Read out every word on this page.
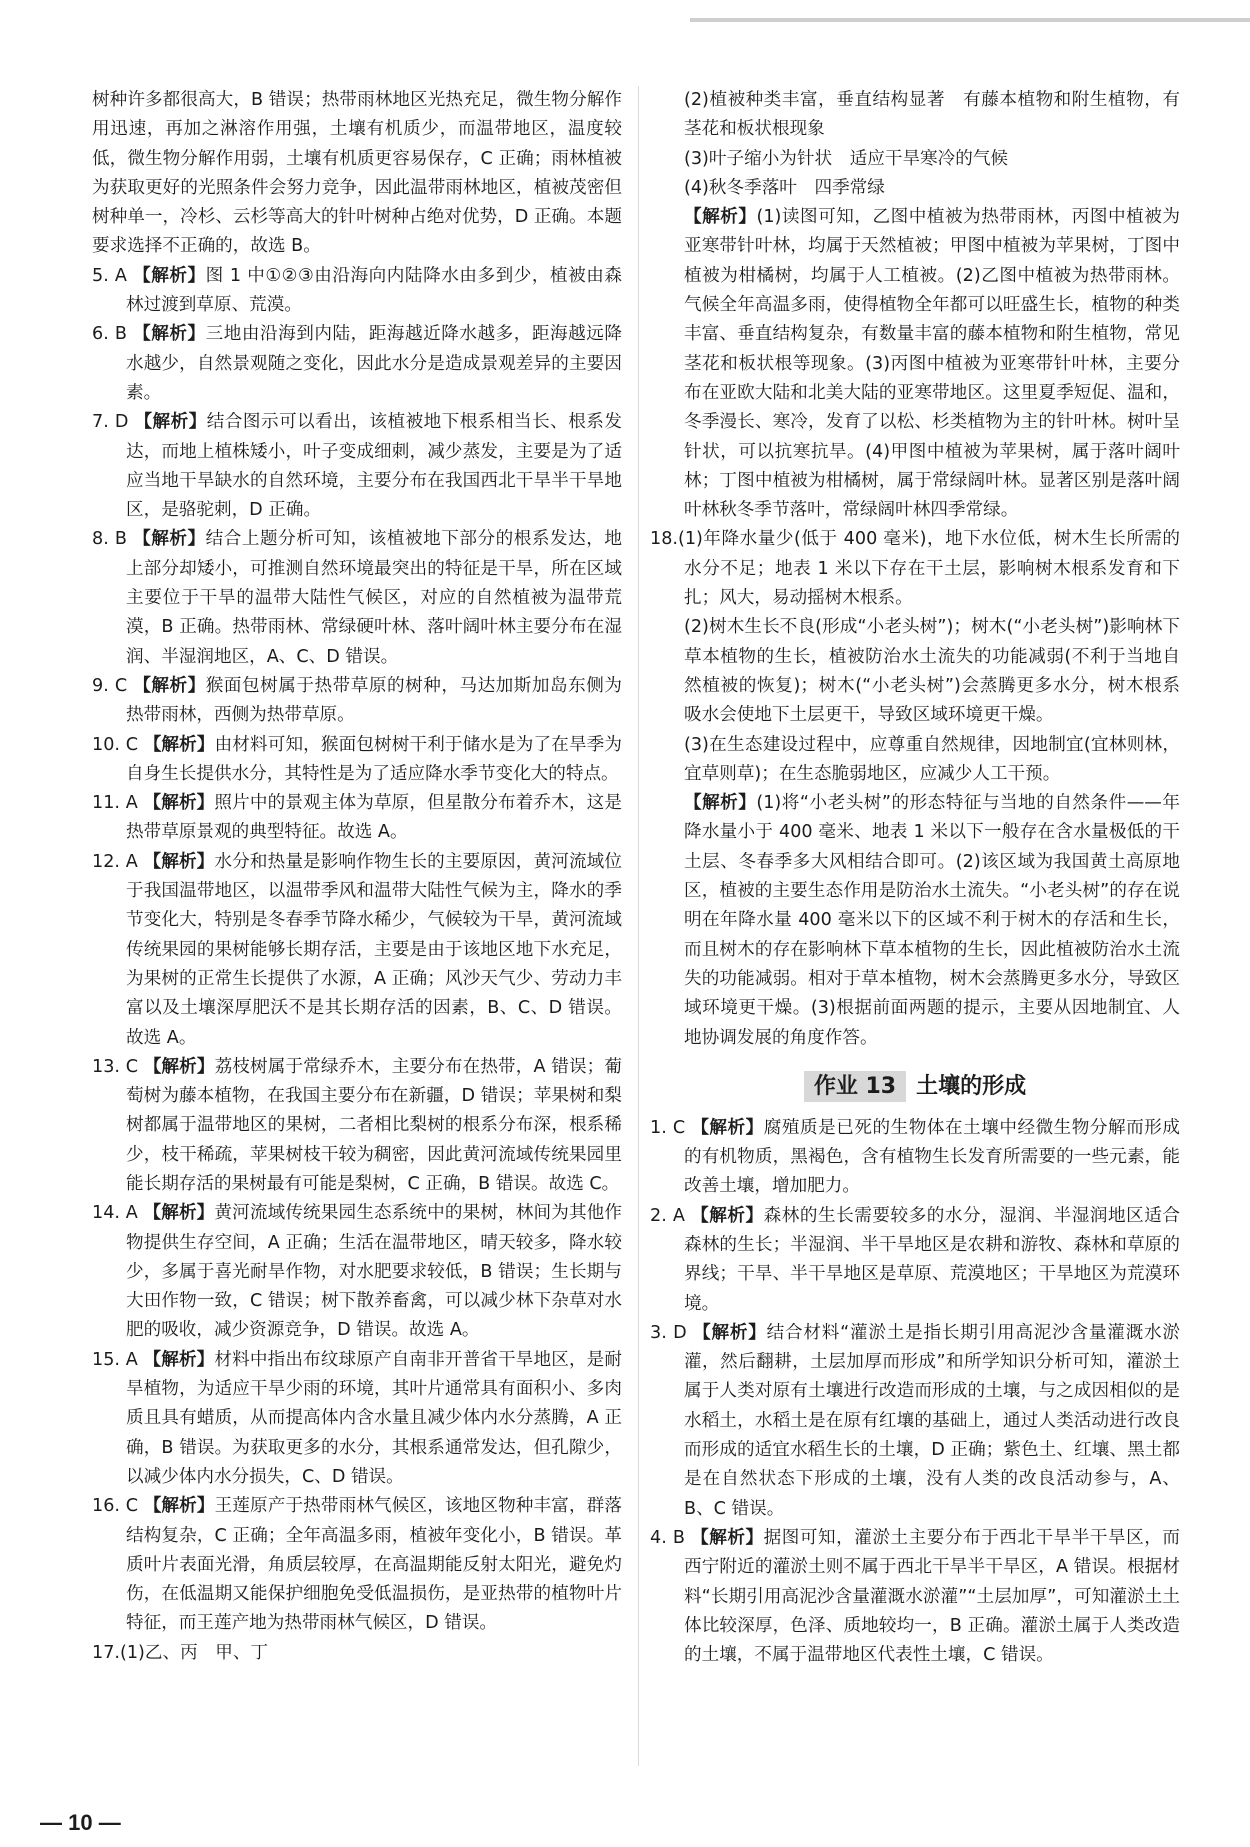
树种许多都很高大，B 错误；热带雨林地区光热充足，微生物分解作用迅速，再加之淋溶作用强，土壤有机质少，而温带地区，温度较低，微生物分解作用弱，土壤有机质更容易保存，C 正确；雨林植被为获取更好的光照条件会努力竞争，因此温带雨林地区，植被茂密但树种单一，冷杉、云杉等高大的针叶树种占绝对优势，D 正确。本题要求选择不正确的，故选 B。

5. A 【解析】图 1 中①②③由沿海向内陆降水由多到少，植被由森林过渡到草原、荒漠。

6. B 【解析】三地由沿海到内陆，距海越近降水越多，距海越远降水越少，自然景观随之变化，因此水分是造成景观差异的主要因素。

7. D 【解析】结合图示可以看出，该植被地下根系相当长、根系发达，而地上植株矮小，叶子变成细刺，减少蒸发，主要是为了适应当地干旱缺水的自然环境，主要分布在我国西北干旱半干旱地区，是骆驼刺，D 正确。

8. B 【解析】结合上题分析可知，该植被地下部分的根系发达，地上部分却矮小，可推测自然环境最突出的特征是干旱，所在区域主要位于干旱的温带大陆性气候区，对应的自然植被为温带荒漠，B 正确。热带雨林、常绿硬叶林、落叶阔叶林主要分布在湿润、半湿润地区，A、C、D 错误。

9. C 【解析】猴面包树属于热带草原的树种，马达加斯加岛东侧为热带雨林，西侧为热带草原。

10. C 【解析】由材料可知，猴面包树树干利于储水是为了在旱季为自身生长提供水分，其特性是为了适应降水季节变化大的特点。

11. A 【解析】照片中的景观主体为草原，但星散分布着乔木，这是热带草原景观的典型特征。故选 A。

12. A 【解析】水分和热量是影响作物生长的主要原因，黄河流域位于我国温带地区，以温带季风和温带大陆性气候为主，降水的季节变化大，特别是冬春季节降水稀少，气候较为干旱，黄河流域传统果园的果树能够长期存活，主要是由于该地区地下水充足，为果树的正常生长提供了水源，A 正确；风沙天气少、劳动力丰富以及土壤深厚肥沃不是其长期存活的因素，B、C、D 错误。故选 A。

13. C 【解析】荔枝树属于常绿乔木，主要分布在热带，A 错误；葡萄树为藤本植物，在我国主要分布在新疆，D 错误；苹果树和梨树都属于温带地区的果树，二者相比梨树的根系分布深，根系稀少，枝干稀疏，苹果树枝干较为稠密，因此黄河流域传统果园里能长期存活的果树最有可能是梨树，C 正确，B 错误。故选 C。

14. A 【解析】黄河流域传统果园生态系统中的果树，林间为其他作物提供生存空间，A 正确；生活在温带地区，晴天较多，降水较少，多属于喜光耐旱作物，对水肥要求较低，B 错误；生长期与大田作物一致，C 错误；树下散养畜禽，可以减少林下杂草对水肥的吸收，减少资源竞争，D 错误。故选 A。

15. A 【解析】材料中指出布纹球原产自南非开普省干旱地区，是耐旱植物，为适应干旱少雨的环境，其叶片通常具有面积小、多肉质且具有蜡质，从而提高体内含水量且减少体内水分蒸腾，A 正确，B 错误。为获取更多的水分，其根系通常发达，但孔隙少，以减少体内水分损失，C、D 错误。

16. C 【解析】王莲原产于热带雨林气候区，该地区物种丰富，群落结构复杂，C 正确；全年高温多雨，植被年变化小，B 错误。革质叶片表面光滑，角质层较厚，在高温期能反射太阳光，避免灼伤，在低温期又能保护细胞免受低温损伤，是亚热带的植物叶片特征，而王莲产地为热带雨林气候区，D 错误。

17.(1)乙、丙　甲、丁

(2)植被种类丰富，垂直结构显著　有藤本植物和附生植物，有茎花和板状根现象

(3)叶子缩小为针状　适应干旱寒冷的气候

(4)秋冬季落叶　四季常绿

【解析】(1)读图可知，乙图中植被为热带雨林，丙图中植被为亚寒带针叶林，均属于天然植被；甲图中植被为苹果树，丁图中植被为柑橘树，均属于人工植被。(2)乙图中植被为热带雨林。气候全年高温多雨，使得植物全年都可以旺盛生长，植物的种类丰富、垂直结构复杂，有数量丰富的藤本植物和附生植物，常见茎花和板状根等现象。(3)丙图中植被为亚寒带针叶林，主要分布在亚欧大陆和北美大陆的亚寒带地区。这里夏季短促、温和，冬季漫长、寒冷，发育了以松、杉类植物为主的针叶林。树叶呈针状，可以抗寒抗旱。(4)甲图中植被为苹果树，属于落叶阔叶林；丁图中植被为柑橘树，属于常绿阔叶林。显著区别是落叶阔叶林秋冬季节落叶，常绿阔叶林四季常绿。

18.(1)年降水量少(低于 400 毫米)，地下水位低，树木生长所需的水分不足；地表 1 米以下存在干土层，影响树木根系发育和下扎；风大，易动摇树木根系。

(2)树木生长不良(形成“小老头树”)；树木(“小老头树”)影响林下草本植物的生长，植被防治水土流失的功能减弱(不利于当地自然植被的恢复)；树木(“小老头树”)会蒸腾更多水分，树木根系吸水会使地下土层更干，导致区域环境更干燥。

(3)在生态建设过程中，应尊重自然规律，因地制宜(宜林则林，宜草则草)；在生态脆弱地区，应减少人工干预。

【解析】(1)将“小老头树”的形态特征与当地的自然条件——年降水量小于 400 毫米、地表 1 米以下一般存在含水量极低的干土层、冬春季多大风相结合即可。(2)该区域为我国黄土高原地区，植被的主要生态作用是防治水土流失。“小老头树”的存在说明在年降水量 400 毫米以下的区域不利于树木的存活和生长，而且树木的存在影响林下草本植物的生长，因此植被防治水土流失的功能减弱。相对于草本植物，树木会蒸腾更多水分，导致区域环境更干燥。(3)根据前面两题的提示，主要从因地制宜、人地协调发展的角度作答。

作业 13 土壤的形成

1. C 【解析】腐殖质是已死的生物体在土壤中经微生物分解而形成的有机物质，黑褐色，含有植物生长发育所需要的一些元素，能改善土壤，增加肥力。

2. A 【解析】森林的生长需要较多的水分，湿润、半湿润地区适合森林的生长；半湿润、半干旱地区是农耕和游牧、森林和草原的界线；干旱、半干旱地区是草原、荒漠地区；干旱地区为荒漠环境。

3. D 【解析】结合材料“灌淤土是指长期引用高泥沙含量灌溉水淤灌，然后翻耕，土层加厚而形成”和所学知识分析可知，灌淤土属于人类对原有土壤进行改造而形成的土壤，与之成因相似的是水稻土，水稻土是在原有红壤的基础上，通过人类活动进行改良而形成的适宜水稻生长的土壤，D 正确；紫色土、红壤、黑土都是在自然状态下形成的土壤，没有人类的改良活动参与，A、B、C 错误。

4. B 【解析】据图可知，灌淤土主要分布于西北干旱半干旱区，而西宁附近的灌淤土则不属于西北干旱半干旱区，A 错误。根据材料“长期引用高泥沙含量灌溉水淤灌”“土层加厚”，可知灌淤土土体比较深厚，色泽、质地较均一，B 正确。灌淤土属于人类改造的土壤，不属于温带地区代表性土壤，C 错误。

— 10 —
